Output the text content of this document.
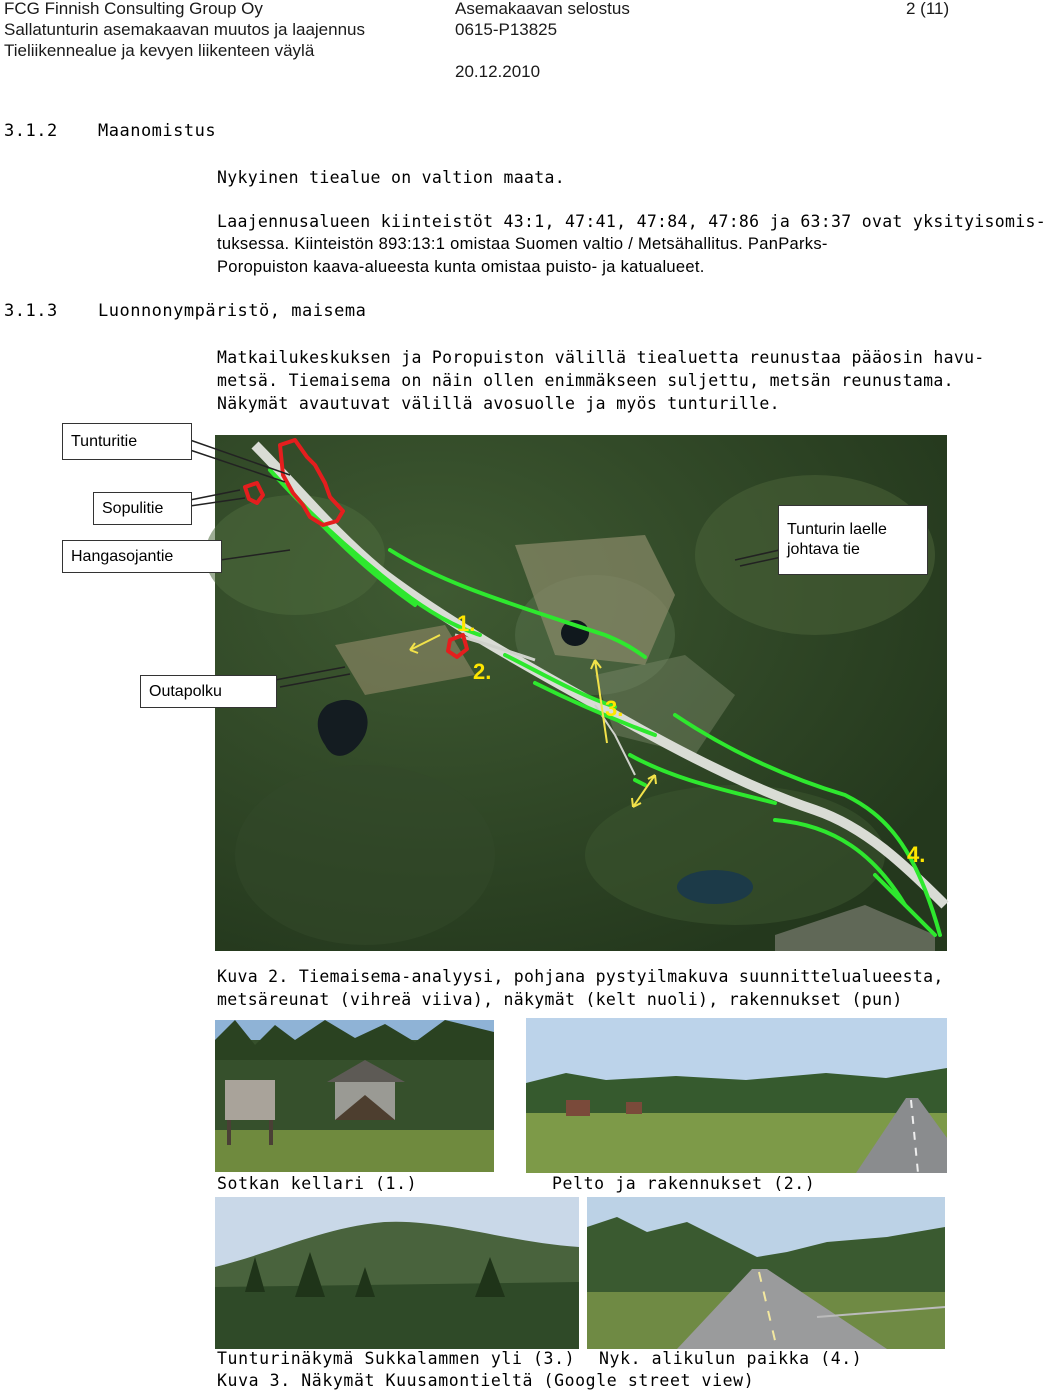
FCG Finnish Consulting Group Oy
Sallatunturin asemakaavan muutos ja laajennus
Tieliikennealue ja kevyen liikenteen väylä
Asemakaavan selostus
0615-P13825
20.12.2010
2 (11)
3.1.2 Maanomistus
Nykyinen tiealue on valtion maata.
Laajennusalueen kiinteistöt 43:1, 47:41, 47:84, 47:86 ja 63:37 ovat yksityisomis-
tuksessa. Kiinteistön 893:13:1 omistaa Suomen valtio / Metsähallitus. PanParks-
Poropuiston kaava-alueesta kunta omistaa puisto- ja katualueet.
3.1.3 Luonnonympäristö, maisema
Matkailukeskuksen ja Poropuiston välillä tiealuetta reunustaa pääosin havu-
metsä. Tiemaisema on näin ollen enimmäkseen suljettu, metsän reunustama.
Näkymät avautuvat välillä avosuolle ja myös tunturille.
1.
2.
3.
4.
Tunturitie
Sopulitie
Hangasojantie
Tunturin laelle johtava tie
Outapolku
Kuva 2. Tiemaisema-analyysi, pohjana pystyilmakuva suunnittelualueesta,
metsäreunat (vihreä viiva), näkymät (kelt nuoli), rakennukset (pun)
Sotkan kellari (1.)	Pelto ja rakennukset (2.)
Tunturinäkymä Sukkalammen yli (3.) Nyk. alikulun paikka (4.)
Kuva 3. Näkymät Kuusamontieltä (Google street view)
